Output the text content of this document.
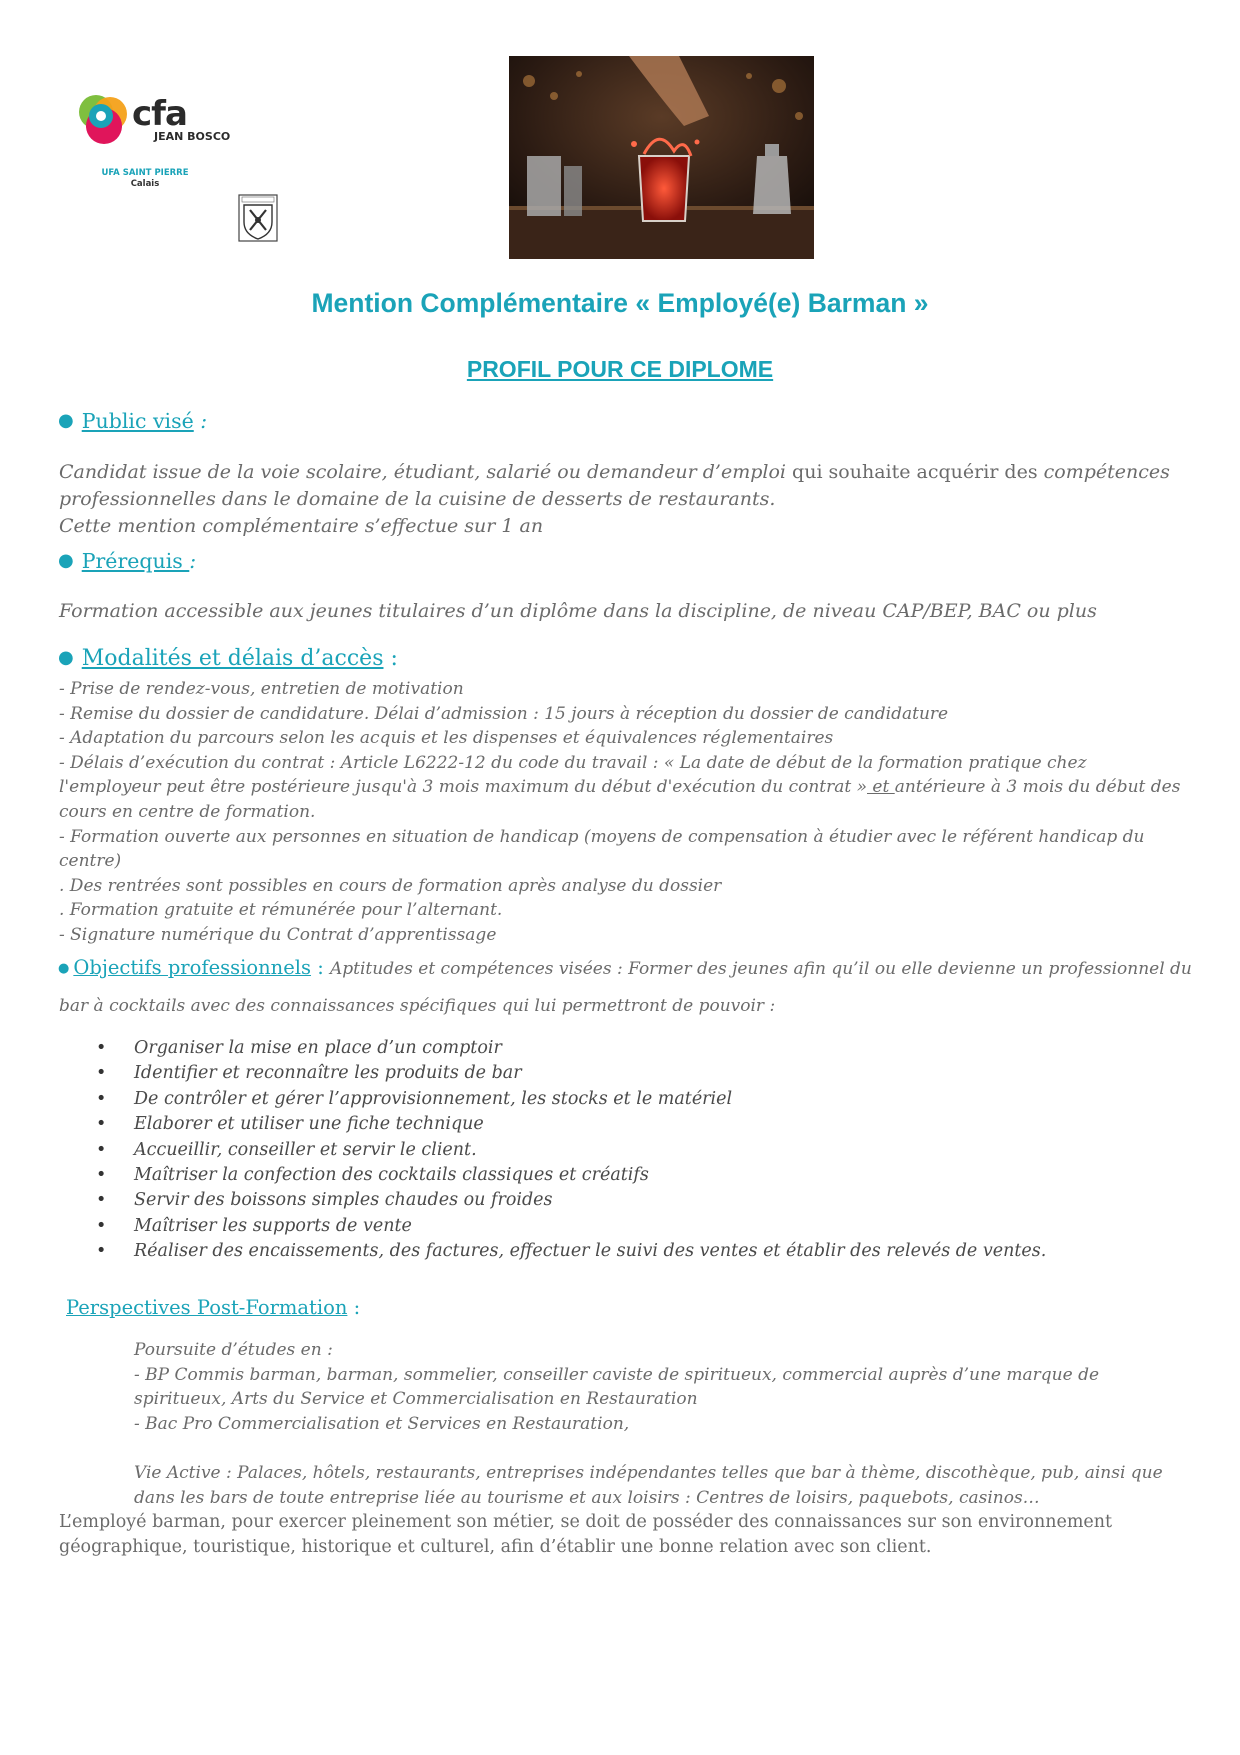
cfa
JEAN BOSCO
UFA SAINT PIERRE
Calais
Mention Complémentaire « Employé(e) Barman »
PROFIL POUR CE DIPLOME
● Public visé :
Candidat issue de la voie scolaire, étudiant, salarié ou demandeur d’emploi qui souhaite acquérir des compétences
professionnelles dans le domaine de la cuisine de desserts de restaurants.
Cette mention complémentaire s’effectue sur 1 an
● Prérequis :
Formation accessible aux jeunes titulaires d’un diplôme dans la discipline, de niveau CAP/BEP, BAC ou plus
● Modalités et délais d’accès :
- Prise de rendez-vous, entretien de motivation
- Remise du dossier de candidature. Délai d’admission : 15 jours à réception du dossier de candidature
- Adaptation du parcours selon les acquis et les dispenses et équivalences réglementaires
- Délais d’exécution du contrat : Article L6222-12 du code du travail : « La date de début de la formation pratique chez
l'employeur peut être postérieure jusqu'à 3 mois maximum du début d'exécution du contrat » et antérieure à 3 mois du début des
cours en centre de formation.
- Formation ouverte aux personnes en situation de handicap (moyens de compensation à étudier avec le référent handicap du
centre)
. Des rentrées sont possibles en cours de formation après analyse du dossier
. Formation gratuite et rémunérée pour l’alternant.
- Signature numérique du Contrat d’apprentissage
● Objectifs professionnels : Aptitudes et compétences visées : Former des jeunes afin qu’il ou elle devienne un professionnel du
bar à cocktails avec des connaissances spécifiques qui lui permettront de pouvoir :
• Organiser la mise en place d’un comptoir
• Identifier et reconnaître les produits de bar
• De contrôler et gérer l’approvisionnement, les stocks et le matériel
• Elaborer et utiliser une fiche technique
• Accueillir, conseiller et servir le client.
• Maîtriser la confection des cocktails classiques et créatifs
• Servir des boissons simples chaudes ou froides
• Maîtriser les supports de vente
• Réaliser des encaissements, des factures, effectuer le suivi des ventes et établir des relevés de ventes.
Perspectives Post-Formation :
Poursuite d’études en :
- BP Commis barman, barman, sommelier, conseiller caviste de spiritueux, commercial auprès d’une marque de
spiritueux, Arts du Service et Commercialisation en Restauration
- Bac Pro Commercialisation et Services en Restauration,
Vie Active : Palaces, hôtels, restaurants, entreprises indépendantes telles que bar à thème, discothèque, pub, ainsi que
dans les bars de toute entreprise liée au tourisme et aux loisirs : Centres de loisirs, paquebots, casinos…
L’employé barman, pour exercer pleinement son métier, se doit de posséder des connaissances sur son environnement
géographique, touristique, historique et culturel, afin d’établir une bonne relation avec son client.
